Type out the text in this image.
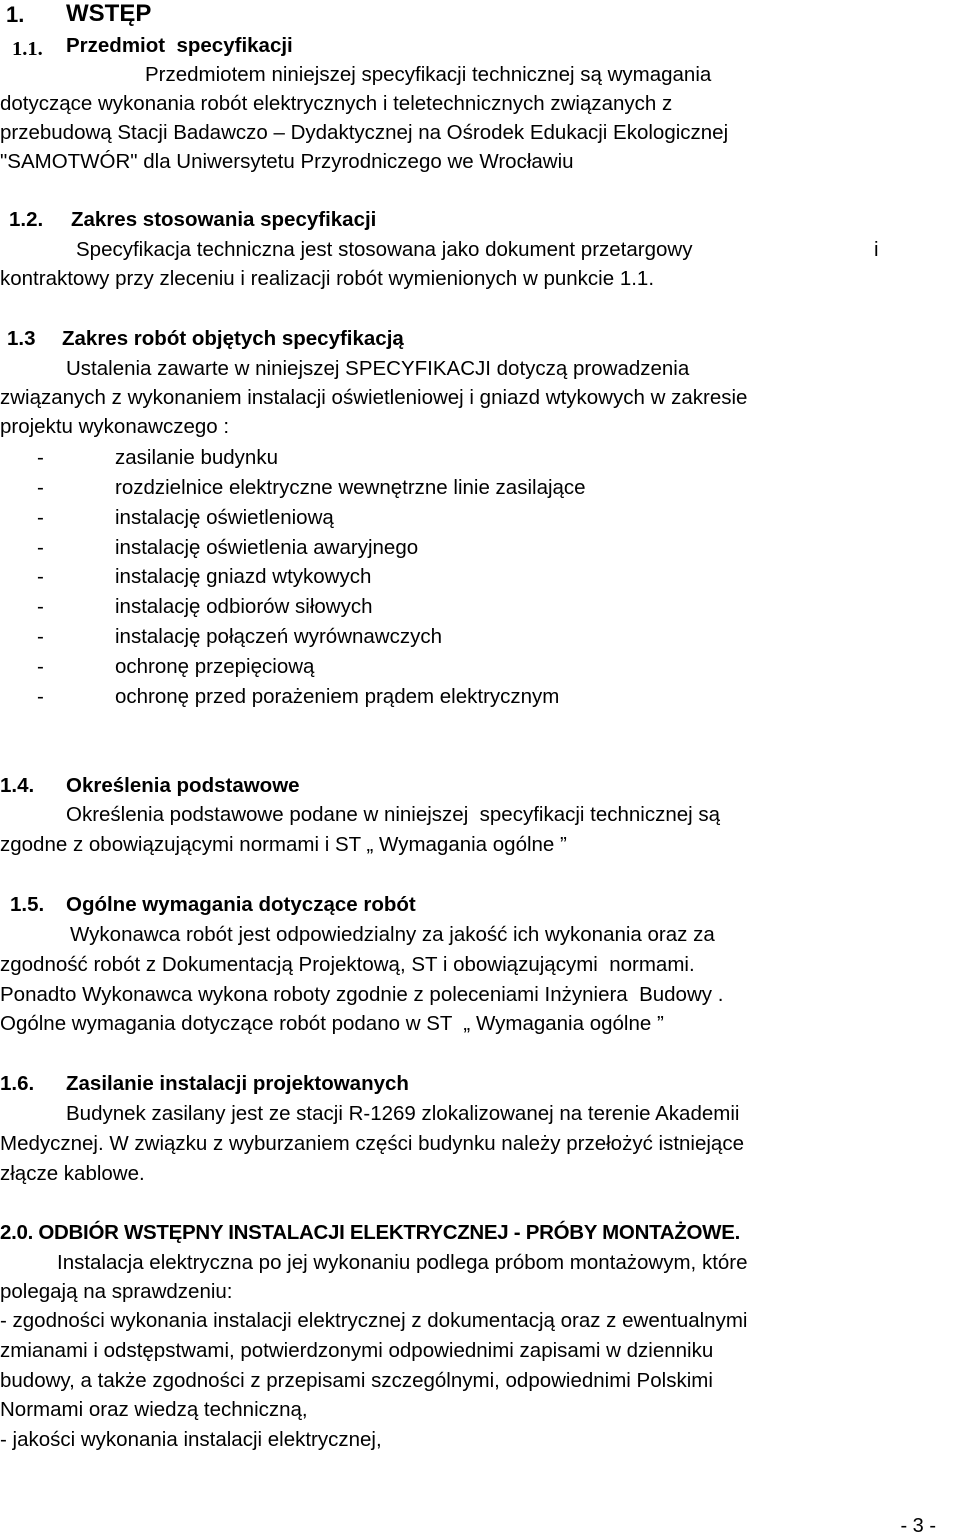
1. WSTĘP
1.1. Przedmiot  specyfikacji
Przedmiotem niniejszej specyfikacji technicznej są wymagania
dotyczące wykonania robót elektrycznych i teletechnicznych związanych z
przebudową Stacji Badawczo – Dydaktycznej na Ośrodek Edukacji Ekologicznej
"SAMOTWÓR" dla Uniwersytetu Przyrodniczego we Wrocławiu
1.2. Zakres stosowania specyfikacji
Specyfikacja techniczna jest stosowana jako dokument przetargowy	i
kontraktowy przy zleceniu i realizacji robót wymienionych w punkcie 1.1.
1.3 Zakres robót objętych specyfikacją
Ustalenia zawarte w niniejszej SPECYFIKACJI dotyczą prowadzenia
związanych z wykonaniem instalacji oświetleniowej i gniazd wtykowych w zakresie
projektu wykonawczego :
-	zasilanie budynku
-	rozdzielnice elektryczne wewnętrzne linie zasilające
-	instalację oświetleniową
-	instalację oświetlenia awaryjnego
-	instalację gniazd wtykowych
-	instalację odbiorów siłowych
-	instalację połączeń wyrównawczych
-	ochronę przepięciową
-	ochronę przed porażeniem prądem elektrycznym
1.4. Określenia podstawowe
Określenia podstawowe podane w niniejszej  specyfikacji technicznej są
zgodne z obowiązującymi normami i ST „ Wymagania ogólne ”
1.5. Ogólne wymagania dotyczące robót
Wykonawca robót jest odpowiedzialny za jakość ich wykonania oraz za
zgodność robót z Dokumentacją Projektową, ST i obowiązującymi  normami.
Ponadto Wykonawca wykona roboty zgodnie z poleceniami Inżyniera  Budowy .
Ogólne wymagania dotyczące robót podano w ST  „ Wymagania ogólne ”
1.6. Zasilanie instalacji projektowanych
Budynek zasilany jest ze stacji R-1269 zlokalizowanej na terenie Akademii
Medycznej. W związku z wyburzaniem części budynku należy przełożyć istniejące
złącze kablowe.
2.0. ODBIÓR WSTĘPNY INSTALACJI ELEKTRYCZNEJ - PRÓBY MONTAŻOWE.
Instalacja elektryczna po jej wykonaniu podlega próbom montażowym, które
polegają na sprawdzeniu:
- zgodności wykonania instalacji elektrycznej z dokumentacją oraz z ewentualnymi
zmianami i odstępstwami, potwierdzonymi odpowiednimi zapisami w dzienniku
budowy, a także zgodności z przepisami szczególnymi, odpowiednimi Polskimi
Normami oraz wiedzą techniczną,
- jakości wykonania instalacji elektrycznej,
- 3 -
